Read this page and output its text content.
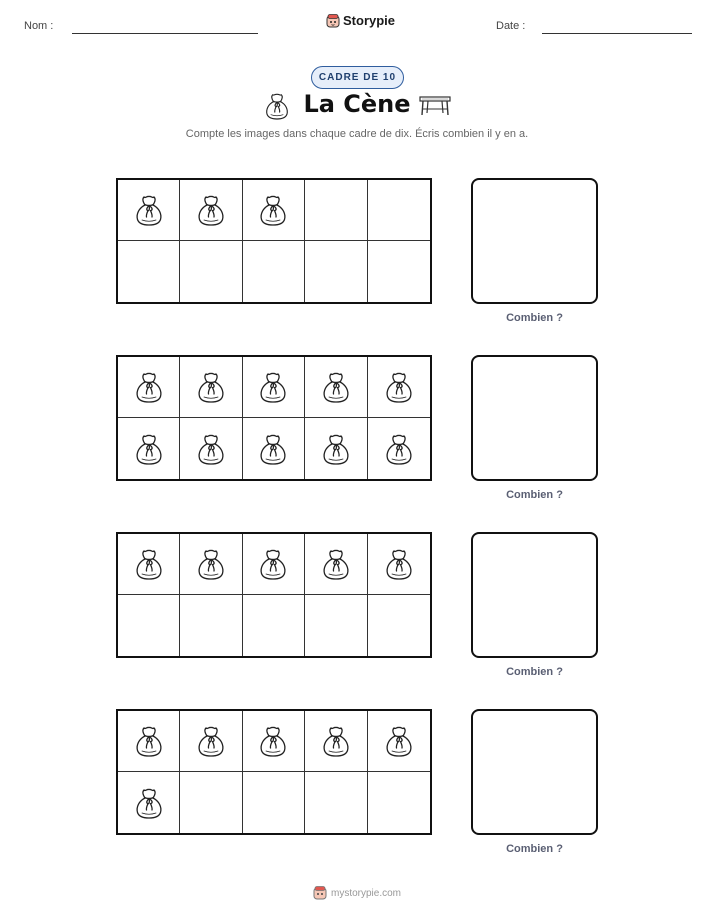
Nom :	Storypie	Date :
CADRE DE 10
La Cène
Compte les images dans chaque cadre de dix. Écris combien il y en a.
Combien ?
Combien ?
Combien ?
Combien ?
mystorypie.com
